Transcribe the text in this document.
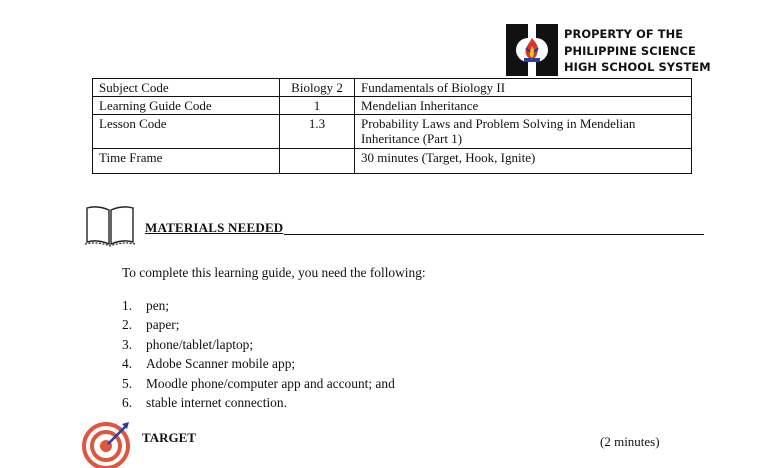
PROPERTY OF THE
PHILIPPINE SCIENCE
HIGH SCHOOL SYSTEM
Subject Code	Biology 2	Fundamentals of Biology II
Learning Guide Code	1	Mendelian Inheritance
Lesson Code	1.3	Probability Laws and Problem Solving in Mendelian Inheritance (Part 1)
Time Frame		30 minutes (Target, Hook, Ignite)
MATERIALS NEEDED
To complete this learning guide, you need the following:
1. pen;
2. paper;
3. phone/tablet/laptop;
4. Adobe Scanner mobile app;
5. Moodle phone/computer app and account; and
6. stable internet connection.
TARGET	(2 minutes)
